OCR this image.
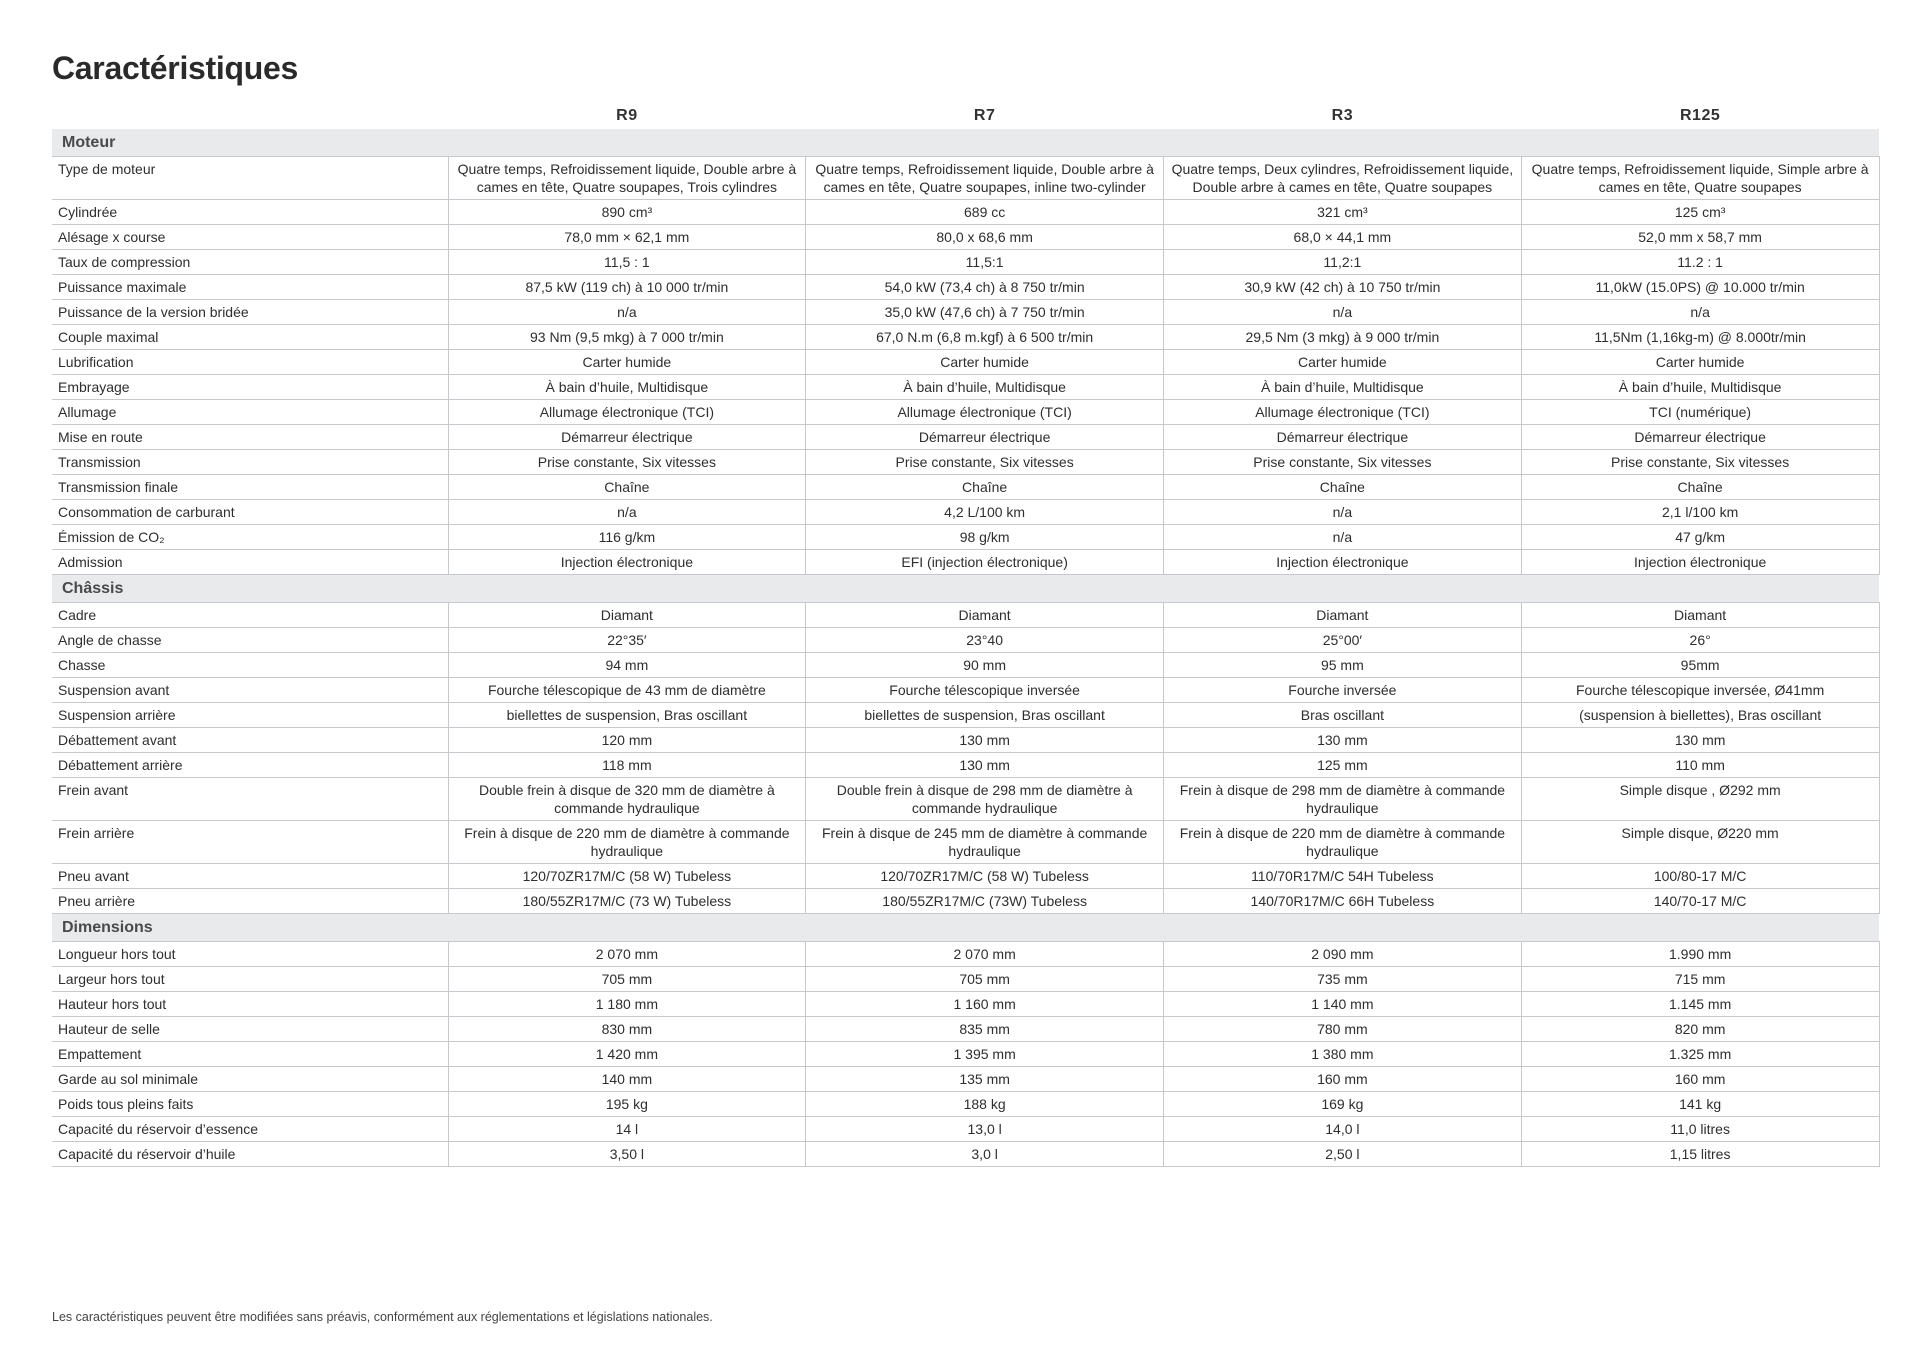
Caractéristiques
	R9	R7	R3	R125
Moteur				
Type de moteur	Quatre temps, Refroidissement liquide, Double arbre à cames en tête, Quatre soupapes, Trois cylindres	Quatre temps, Refroidissement liquide, Double arbre à cames en tête, Quatre soupapes, inline two-cylinder	Quatre temps, Deux cylindres, Refroidissement liquide, Double arbre à cames en tête, Quatre soupapes	Quatre temps, Refroidissement liquide, Simple arbre à cames en tête, Quatre soupapes
Cylindrée	890 cm³	689 cc	321 cm³	125 cm³
Alésage x course	78,0 mm × 62,1 mm	80,0 x 68,6 mm	68,0 × 44,1 mm	52,0 mm x 58,7 mm
Taux de compression	11,5 : 1	11,5:1	11,2:1	11.2 : 1
Puissance maximale	87,5 kW (119 ch) à 10 000 tr/min	54,0 kW (73,4 ch) à 8 750 tr/min	30,9 kW (42 ch) à 10 750 tr/min	11,0kW (15.0PS) @ 10.000 tr/min
Puissance de la version bridée	n/a	35,0 kW (47,6 ch) à 7 750 tr/min	n/a	n/a
Couple maximal	93 Nm (9,5 mkg) à 7 000 tr/min	67,0 N.m (6,8 m.kgf) à 6 500 tr/min	29,5 Nm (3 mkg) à 9 000 tr/min	11,5Nm (1,16kg-m) @ 8.000tr/min
Lubrification	Carter humide	Carter humide	Carter humide	Carter humide
Embrayage	À bain d’huile, Multidisque	À bain d’huile, Multidisque	À bain d’huile, Multidisque	À bain d’huile, Multidisque
Allumage	Allumage électronique (TCI)	Allumage électronique (TCI)	Allumage électronique (TCI)	TCI (numérique)
Mise en route	Démarreur électrique	Démarreur électrique	Démarreur électrique	Démarreur électrique
Transmission	Prise constante, Six vitesses	Prise constante, Six vitesses	Prise constante, Six vitesses	Prise constante, Six vitesses
Transmission finale	Chaîne	Chaîne	Chaîne	Chaîne
Consommation de carburant	n/a	4,2 L/100 km	n/a	2,1 l/100 km
Émission de CO₂	116 g/km	98 g/km	n/a	47 g/km
Admission	Injection électronique	EFI (injection électronique)	Injection électronique	Injection électronique
Châssis				
Cadre	Diamant	Diamant	Diamant	Diamant
Angle de chasse	22°35′	23°40	25°00′	26°
Chasse	94 mm	90 mm	95 mm	95mm
Suspension avant	Fourche télescopique de 43 mm de diamètre	Fourche télescopique inversée	Fourche inversée	Fourche télescopique inversée, Ø41mm
Suspension arrière	biellettes de suspension, Bras oscillant	biellettes de suspension, Bras oscillant	Bras oscillant	(suspension à biellettes), Bras oscillant
Débattement avant	120 mm	130 mm	130 mm	130 mm
Débattement arrière	118 mm	130 mm	125 mm	110 mm
Frein avant	Double frein à disque de 320 mm de diamètre à commande hydraulique	Double frein à disque de 298 mm de diamètre à commande hydraulique	Frein à disque de 298 mm de diamètre à commande hydraulique	Simple disque , Ø292 mm
Frein arrière	Frein à disque de 220 mm de diamètre à commande hydraulique	Frein à disque de 245 mm de diamètre à commande hydraulique	Frein à disque de 220 mm de diamètre à commande hydraulique	Simple disque, Ø220 mm
Pneu avant	120/70ZR17M/C (58 W) Tubeless	120/70ZR17M/C (58 W) Tubeless	110/70R17M/C 54H Tubeless	100/80-17 M/C
Pneu arrière	180/55ZR17M/C (73 W) Tubeless	180/55ZR17M/C (73W) Tubeless	140/70R17M/C 66H Tubeless	140/70-17 M/C
Dimensions				
Longueur hors tout	2 070 mm	2 070 mm	2 090 mm	1.990 mm
Largeur hors tout	705 mm	705 mm	735 mm	715 mm
Hauteur hors tout	1 180 mm	1 160 mm	1 140 mm	1.145 mm
Hauteur de selle	830 mm	835 mm	780 mm	820 mm
Empattement	1 420 mm	1 395 mm	1 380 mm	1.325 mm
Garde au sol minimale	140 mm	135 mm	160 mm	160 mm
Poids tous pleins faits	195 kg	188 kg	169 kg	141 kg
Capacité du réservoir d’essence	14 l	13,0 l	14,0 l	11,0 litres
Capacité du réservoir d’huile	3,50 l	3,0 l	2,50 l	1,15 litres

Les caractéristiques peuvent être modifiées sans préavis, conformément aux réglementations et législations nationales.
